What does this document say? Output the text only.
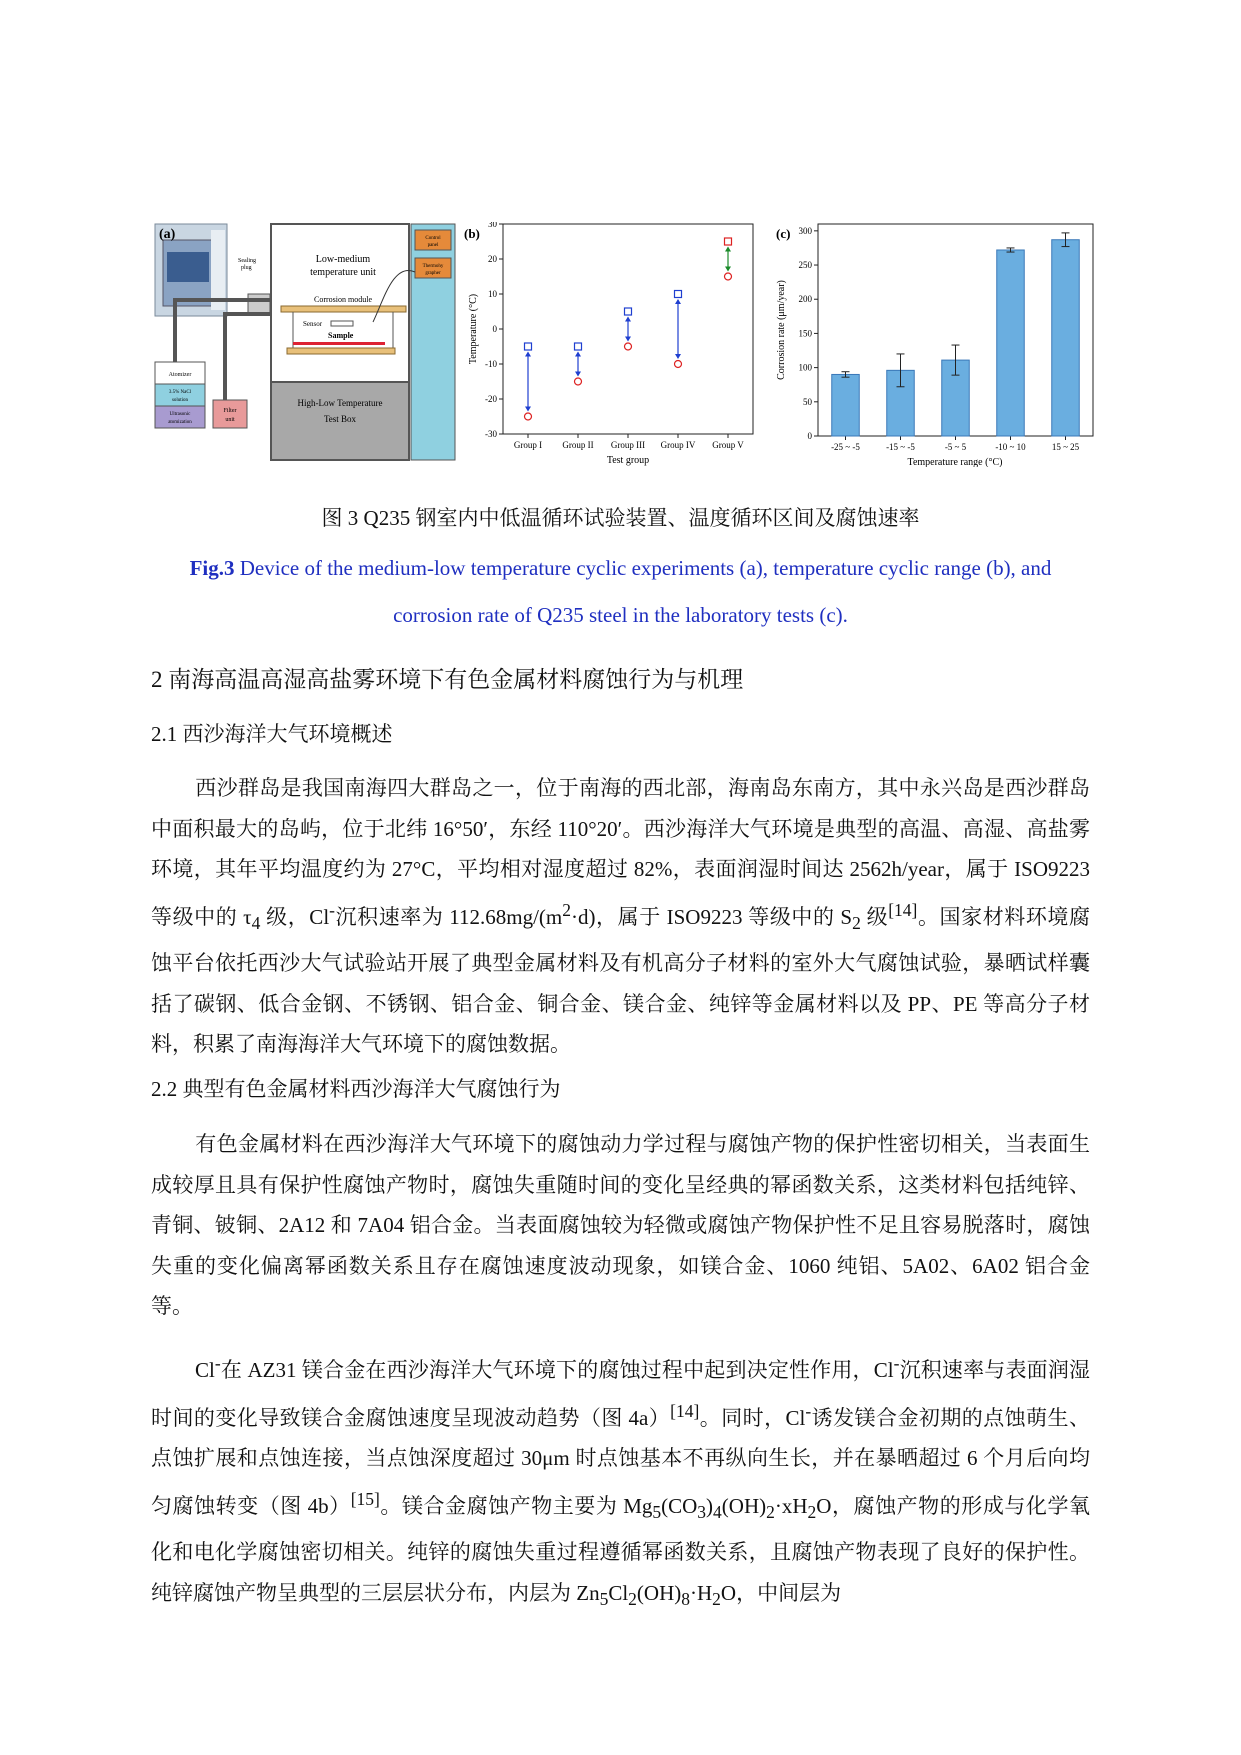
(a)
Low-medium
temperature unit
Corrosion module
Sensor
Sample
High-Low Temperature
Test Box
Control
panel
Thermohy
grapher
Sealing
plug
Atomizer
3.5% NaCl
solution
Ultrasonic
atomization
Filter
unit
(b)
-30
-20
-10
0
10
20
30
Group I Group II Group III Group IV Group V
Temperature (°C)
Test group
(c)
0
50
100
150
200
250
300
-25 ~ -5	-15 ~ -5	-5 ~ 5	-10 ~ 10	15 ~ 25
Corrosion rate (μm/year)
Temperature range (°C)
图 3 Q235 钢室内中低温循环试验装置、温度循环区间及腐蚀速率
Fig.3 Device of the medium-low temperature cyclic experiments (a), temperature cyclic range (b), and corrosion rate of Q235 steel in the laboratory tests (c).
2 南海高温高湿高盐雾环境下有色金属材料腐蚀行为与机理
2.1 西沙海洋大气环境概述
西沙群岛是我国南海四大群岛之一，位于南海的西北部，海南岛东南方，其中永兴岛是西沙群岛中面积最大的岛屿，位于北纬 16°50′，东经 110°20′。西沙海洋大气环境是典型的高温、高湿、高盐雾环境，其年平均温度约为 27°C，平均相对湿度超过 82%，表面润湿时间达 2562h/year，属于 ISO9223 等级中的 $\tau_4$ 级，Cl-沉积速率为 $112.68mg/(m^2\cdot d)$，属于 ISO9223 等级中的 $S_2$ 级[14]。国家材料环境腐蚀平台依托西沙大气试验站开展了典型金属材料及有机高分子材料的室外大气腐蚀试验，暴晒试样囊括了碳钢、低合金钢、不锈钢、铝合金、铜合金、镁合金、纯锌等金属材料以及 PP、PE 等高分子材料，积累了南海海洋大气环境下的腐蚀数据。
2.2 典型有色金属材料西沙海洋大气腐蚀行为
有色金属材料在西沙海洋大气环境下的腐蚀动力学过程与腐蚀产物的保护性密切相关，当表面生成较厚且具有保护性腐蚀产物时，腐蚀失重随时间的变化呈经典的幂函数关系，这类材料包括纯锌、青铜、铍铜、2A12 和 7A04 铝合金。当表面腐蚀较为轻微或腐蚀产物保护性不足且容易脱落时，腐蚀失重的变化偏离幂函数关系且存在腐蚀速度波动现象，如镁合金、1060 纯铝、5A02、6A02 铝合金等。
Cl-在 AZ31 镁合金在西沙海洋大气环境下的腐蚀过程中起到决定性作用，Cl-沉积速率与表面润湿时间的变化导致镁合金腐蚀速度呈现波动趋势（图 4a）[14]。同时，Cl-诱发镁合金初期的点蚀萌生、点蚀扩展和点蚀连接，当点蚀深度超过 30μm 时点蚀基本不再纵向生长，并在暴晒超过 6 个月后向均匀腐蚀转变（图 4b）[15]。镁合金腐蚀产物主要为 $Mg_5(CO_3)_4(OH)_2\cdot xH_2O$，腐蚀产物的形成与化学氧化和电化学腐蚀密切相关。纯锌的腐蚀失重过程遵循幂函数关系，且腐蚀产物表现了良好的保护性。纯锌腐蚀产物呈典型的三层层状分布，内层为 $Zn_5Cl_2(OH)_8\cdot H_2O$，中间层为
